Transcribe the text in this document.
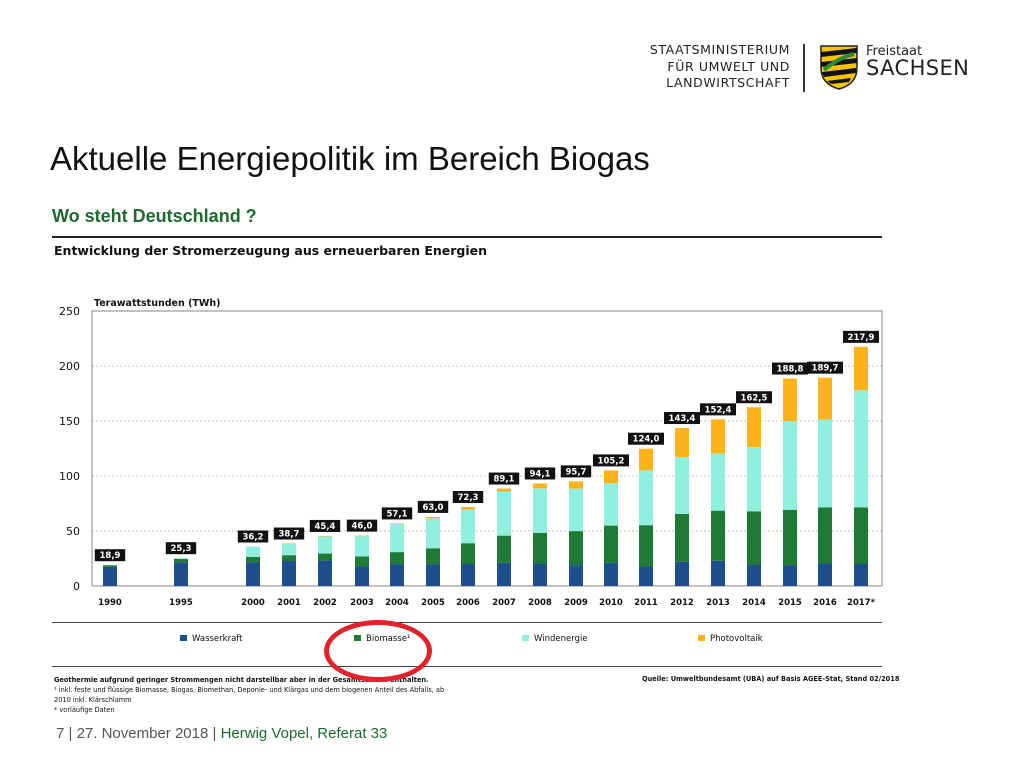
STAATSMINISTERIUM
FÜR UMWELT UND
LANDWIRTSCHAFT
Freistaat
SACHSEN
Aktuelle Energiepolitik im Bereich Biogas
Wo steht Deutschland ?
Entwicklung der Stromerzeugung aus erneuerbaren Energien
0
50
100
150
200
250
Terawattstunden (TWh)
1990
18,9
1995
25,3
2000
36,2
2001
38,7
2002
45,4
2003
46,0
2004
57,1
2005
63,0
2006
72,3
2007
89,1
2008
94,1
2009
95,7
2010
105,2
2011
124,0
2012
143,4
2013
152,4
2014
162,5
2015
188,8
2016
189,7
2017*
217,9
Wasserkraft	Biomasse¹	Windenergie	Photovoltaik
Geothermie aufgrund geringer Strommengen nicht darstellbar aber in der Gesamtsumme enthalten.
¹ inkl. feste und flüssige Biomasse, Biogas, Biomethan, Deponie- und Klärgas und dem biogenen Anteil des Abfalls, ab
2010 inkl. Klärschlamm
* vorläufige Daten
Quelle: Umweltbundesamt (UBA) auf Basis AGEE-Stat, Stand 02/2018
7 | 27. November 2018 | Herwig Vopel, Referat 33
